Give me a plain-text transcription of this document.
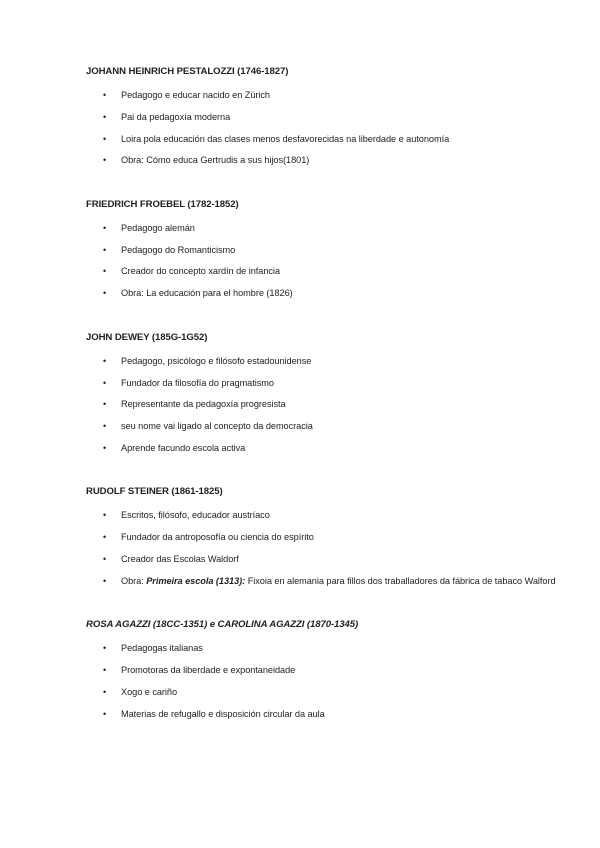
JOHANN HEINRICH PESTALOZZI (1746-1827)
• Pedagogo e educar nacido en Zürich
• Pai da pedagoxía moderna
• Loira pola educación das clases menos desfavorecidas na liberdade e autonomía
• Obra: Cómo educa Gertrudis a sus hijos(1801)
FRIEDRICH FROEBEL (1782-1852)
• Pedagogo alemán
• Pedagogo do Romanticismo
• Creador do concepto xardín de infancia
• Obra: La educación para el hombre (1826)
JOHN DEWEY (185G-1G52)
• Pedagogo, psicólogo e filósofo estadounidense
• Fundador da filosofía do pragmatismo
• Representante da pedagoxía progresista
• seu nome vai ligado al concepto da democracia
• Aprende facundo escola activa
RUDOLF STEINER (1861-1825)
• Escritos, filósofo, educador austríaco
• Fundador da antroposofía ou ciencia do espírito
• Creador das Escolas Waldorf
• Obra: Primeira escola (1313): Fixoia en alemania para fillos dos traballadores da fábrica de tabaco Walford
ROSA AGAZZI (18CC-1351) e CAROLINA AGAZZI (1870-1345)
• Pedagogas italianas
• Promotoras da liberdade e expontaneidade
• Xogo e cariño
• Materias de refugallo e disposición circular da aula
